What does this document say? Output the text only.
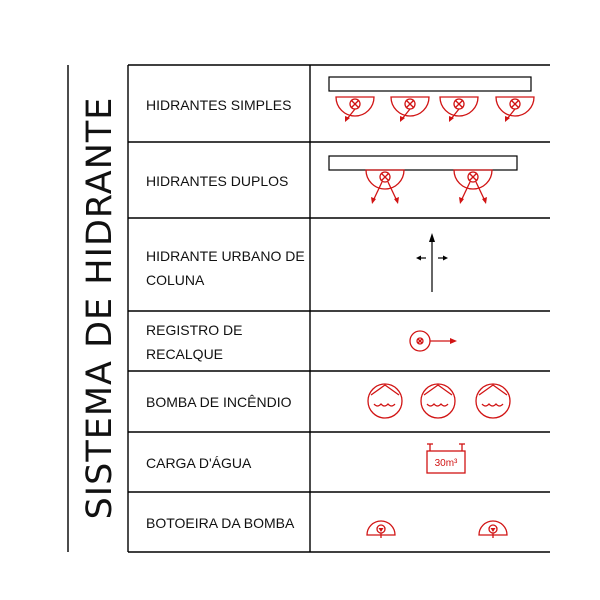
SISTEMA DE HIDRANTE HIDRANTES SIMPLES
HIDRANTES DUPLOS
HIDRANTE URBANO DE
COLUNA
REGISTRO DE
RECALQUE
BOMBA DE INCÊNDIO
CARGA D'ÁGUA
BOTOEIRA DA BOMBA
30m³
